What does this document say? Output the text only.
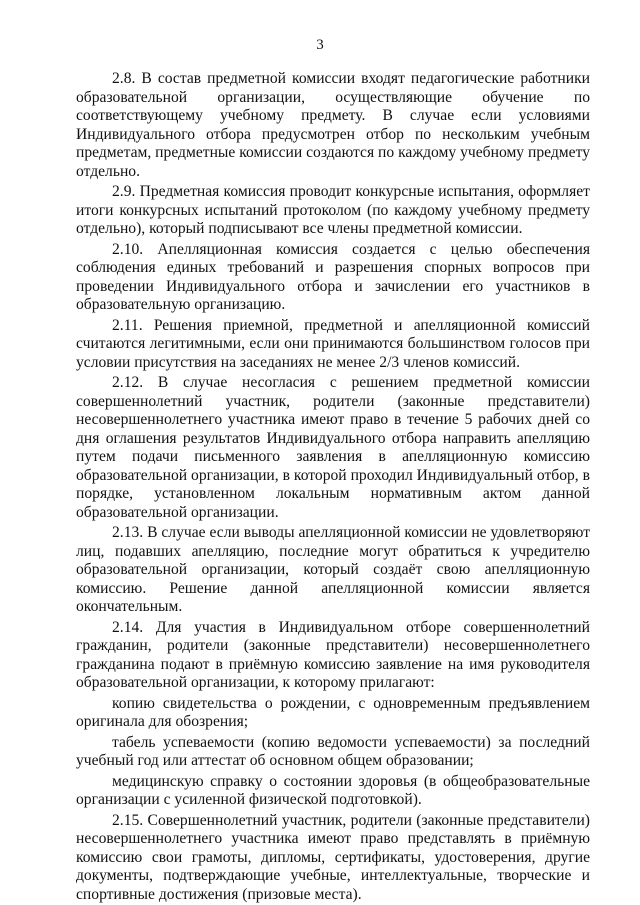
3

2.8. В состав предметной комиссии входят педагогические работники образовательной организации, осуществляющие обучение по соответствующему учебному предмету. В случае если условиями Индивидуального отбора предусмотрен отбор по нескольким учебным предметам, предметные комиссии создаются по каждому учебному предмету отдельно.

2.9. Предметная комиссия проводит конкурсные испытания, оформляет итоги конкурсных испытаний протоколом (по каждому учебному предмету отдельно), который подписывают все члены предметной комиссии.

2.10. Апелляционная комиссия создается с целью обеспечения соблюдения единых требований и разрешения спорных вопросов при проведении Индивидуального отбора и зачислении его участников в образовательную организацию.

2.11. Решения приемной, предметной и апелляционной комиссий считаются легитимными, если они принимаются большинством голосов при условии присутствия на заседаниях не менее 2/3 членов комиссий.

2.12. В случае несогласия с решением предметной комиссии совершеннолетний участник, родители (законные представители) несовершеннолетнего участника имеют право в течение 5 рабочих дней со дня оглашения результатов Индивидуального отбора направить апелляцию путем подачи письменного заявления в апелляционную комиссию образовательной организации, в которой проходил Индивидуальный отбор, в порядке, установленном локальным нормативным актом данной образовательной организации.

2.13. В случае если выводы апелляционной комиссии не удовлетворяют лиц, подавших апелляцию, последние могут обратиться к учредителю образовательной организации, который создаёт свою апелляционную комиссию. Решение данной апелляционной комиссии является окончательным.

2.14. Для участия в Индивидуальном отборе совершеннолетний гражданин, родители (законные представители) несовершеннолетнего гражданина подают в приёмную комиссию заявление на имя руководителя образовательной организации, к которому прилагают:

копию свидетельства о рождении, с одновременным предъявлением оригинала для обозрения;

табель успеваемости (копию ведомости успеваемости) за последний учебный год или аттестат об основном общем образовании;

медицинскую справку о состоянии здоровья (в общеобразовательные организации с усиленной физической подготовкой).

2.15. Совершеннолетний участник, родители (законные представители) несовершеннолетнего участника имеют право представлять в приёмную комиссию свои грамоты, дипломы, сертификаты, удостоверения, другие документы, подтверждающие учебные, интеллектуальные, творческие и спортивные достижения (призовые места).
